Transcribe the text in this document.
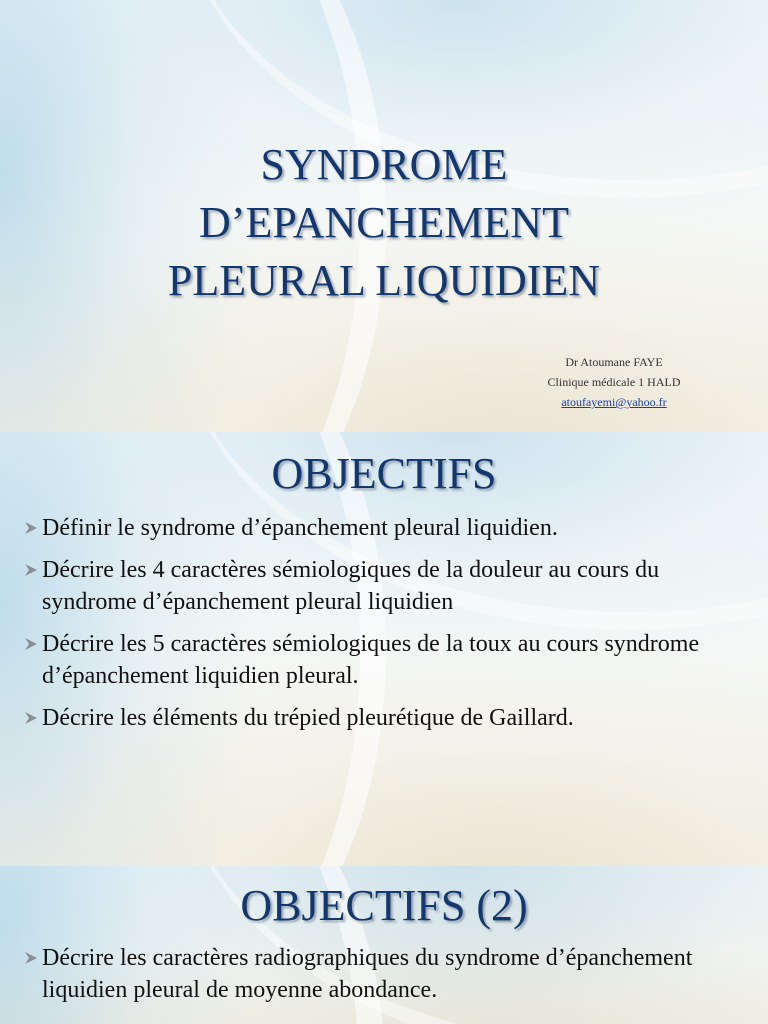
SYNDROME
D’EPANCHEMENT
PLEURAL LIQUIDIEN
Dr Atoumane FAYE
Clinique médicale 1 HALD
atoufayemi@yahoo.fr
OBJECTIFS
Définir le syndrome d’épanchement pleural liquidien.
Décrire les 4 caractères sémiologiques de la douleur au cours du syndrome d’épanchement pleural liquidien
Décrire les 5 caractères sémiologiques de la toux au cours syndrome d’épanchement liquidien pleural.
Décrire les éléments du trépied pleurétique de Gaillard.
OBJECTIFS (2)
Décrire les caractères radiographiques du syndrome d’épanchement liquidien pleural de moyenne abondance.
